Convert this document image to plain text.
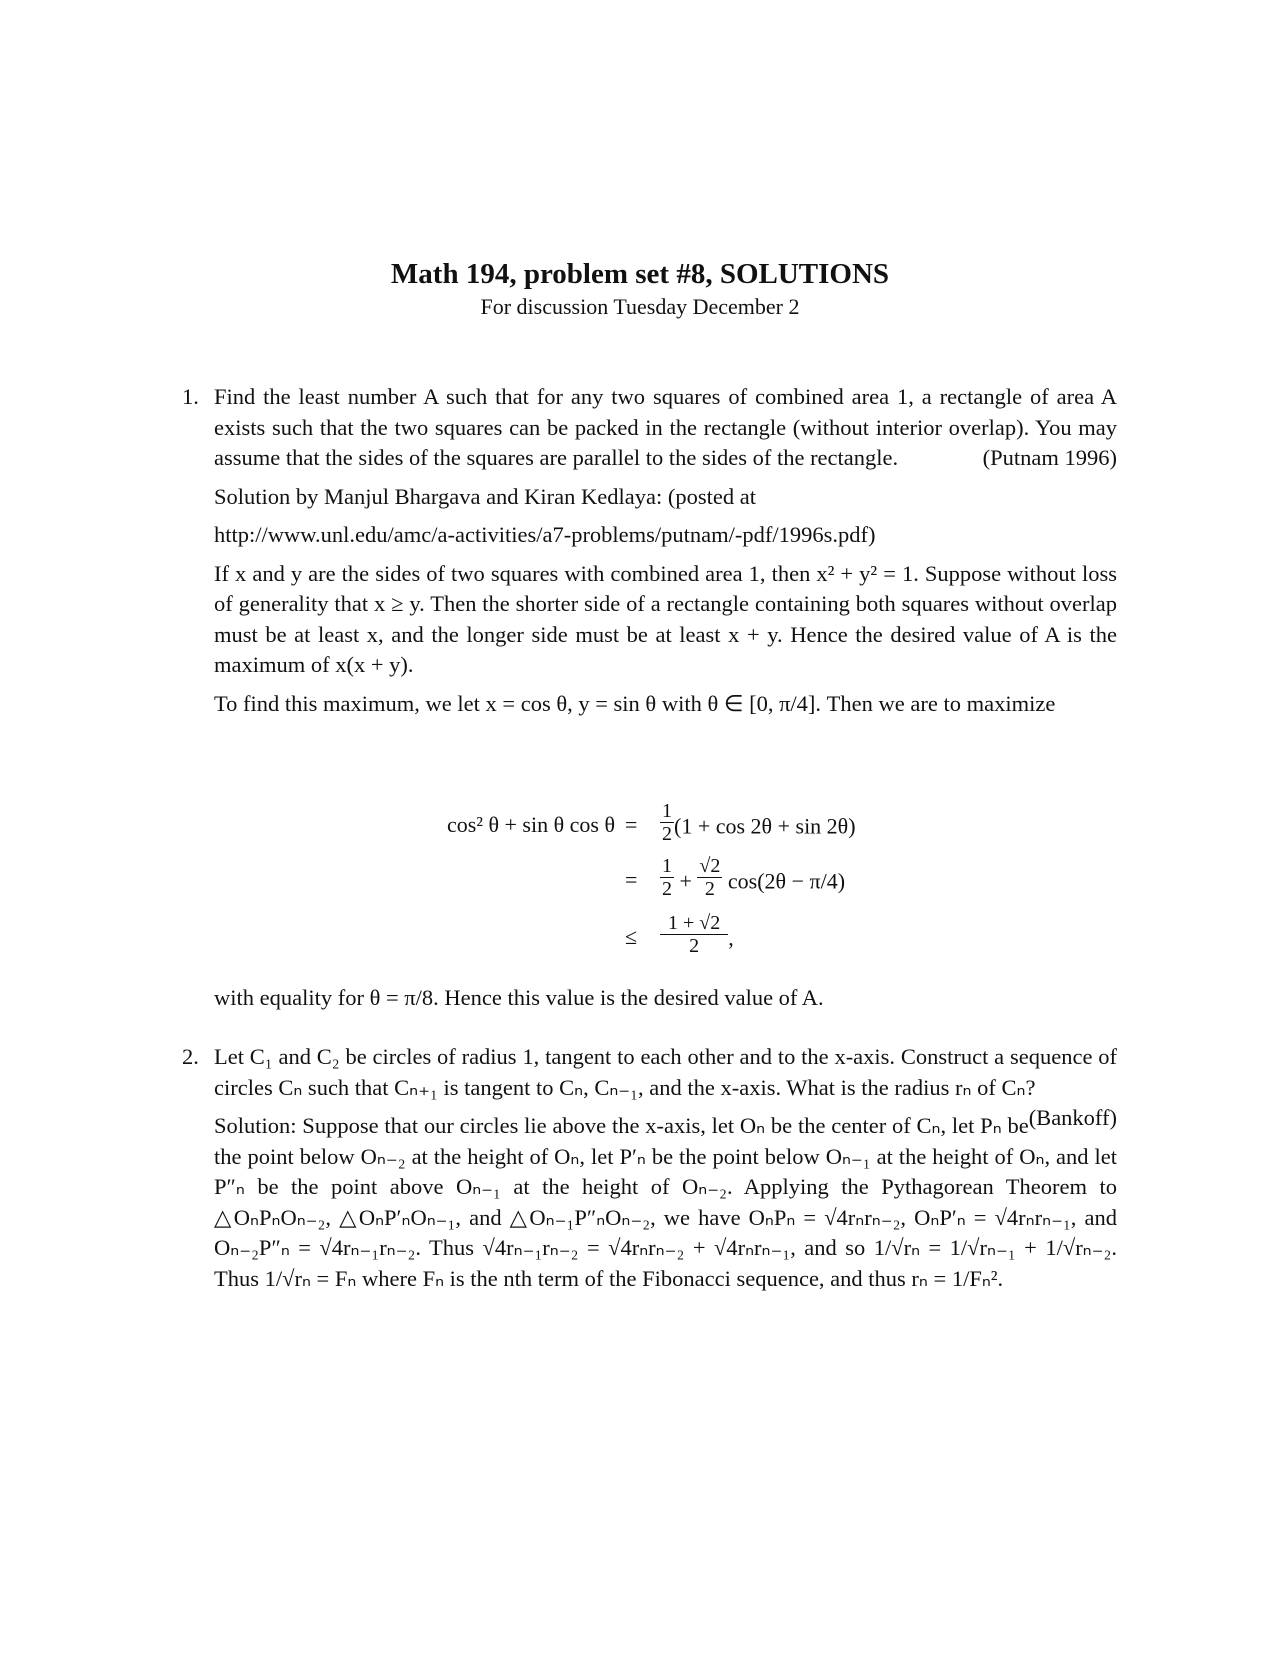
Math 194, problem set #8, SOLUTIONS

For discussion Tuesday December 2

1. Find the least number A such that for any two squares of combined area 1, a rectangle of area A exists such that the two squares can be packed in the rectangle (without interior overlap). You may assume that the sides of the squares are parallel to the sides of the rectangle.	(Putnam 1996)

Solution by Manjul Bhargava and Kiran Kedlaya: (posted at

http://www.unl.edu/amc/a-activities/a7-problems/putnam/-pdf/1996s.pdf)

If x and y are the sides of two squares with combined area 1, then x² + y² = 1. Suppose without loss of generality that x ≥ y. Then the shorter side of a rectangle containing both squares without overlap must be at least x, and the longer side must be at least x + y. Hence the desired value of A is the maximum of x(x + y).

To find this maximum, we let x = cos θ, y = sin θ with θ ∈ [0, π/4]. Then we are to maximize

cos² θ + sin θ $\cos \theta = \frac{1}{2} (1 + \cos 2\theta + \sin 2\theta)$
= $\frac{1}{2} + \frac{√2}{2} \cos(2\theta - \pi/4)$
≤ $\frac{1 + √2}{2}$ ,

with equality for θ = π/8. Hence this value is the desired value of A.

2. Let C₁ and C₂ be circles of radius 1, tangent to each other and to the x-axis. Construct a sequence of circles Cₙ such that Cₙ₊₁ is tangent to Cₙ, Cₙ₋₁, and the x-axis. What is the radius rₙ of Cₙ?
(Bankoff)

Solution: Suppose that our circles lie above the x-axis, let Oₙ be the center of Cₙ, let Pₙ be the point below Oₙ₋₂ at the height of Oₙ, let P′ₙ be the point below Oₙ₋₁ at the height of Oₙ, and let P″ₙ be the point above Oₙ₋₁ at the height of Oₙ₋₂. Applying the Pythagorean Theorem to △OₙPₙOₙ₋₂, △OₙP′ₙOₙ₋₁, and △Oₙ₋₁P″ₙOₙ₋₂, we have OₙPₙ = √4rₙrₙ₋₂, OₙP′ₙ = √4rₙrₙ₋₁, and Oₙ₋₂P″ₙ = √4rₙ₋₁rₙ₋₂. Thus √4rₙ₋₁rₙ₋₂ = √4rₙrₙ₋₂ + √4rₙrₙ₋₁, and so 1/√rₙ = 1/√rₙ₋₁ + 1/√rₙ₋₂. Thus 1/√rₙ = Fₙ where Fₙ is the nth term of the Fibonacci sequence, and thus rₙ = 1/Fₙ².
